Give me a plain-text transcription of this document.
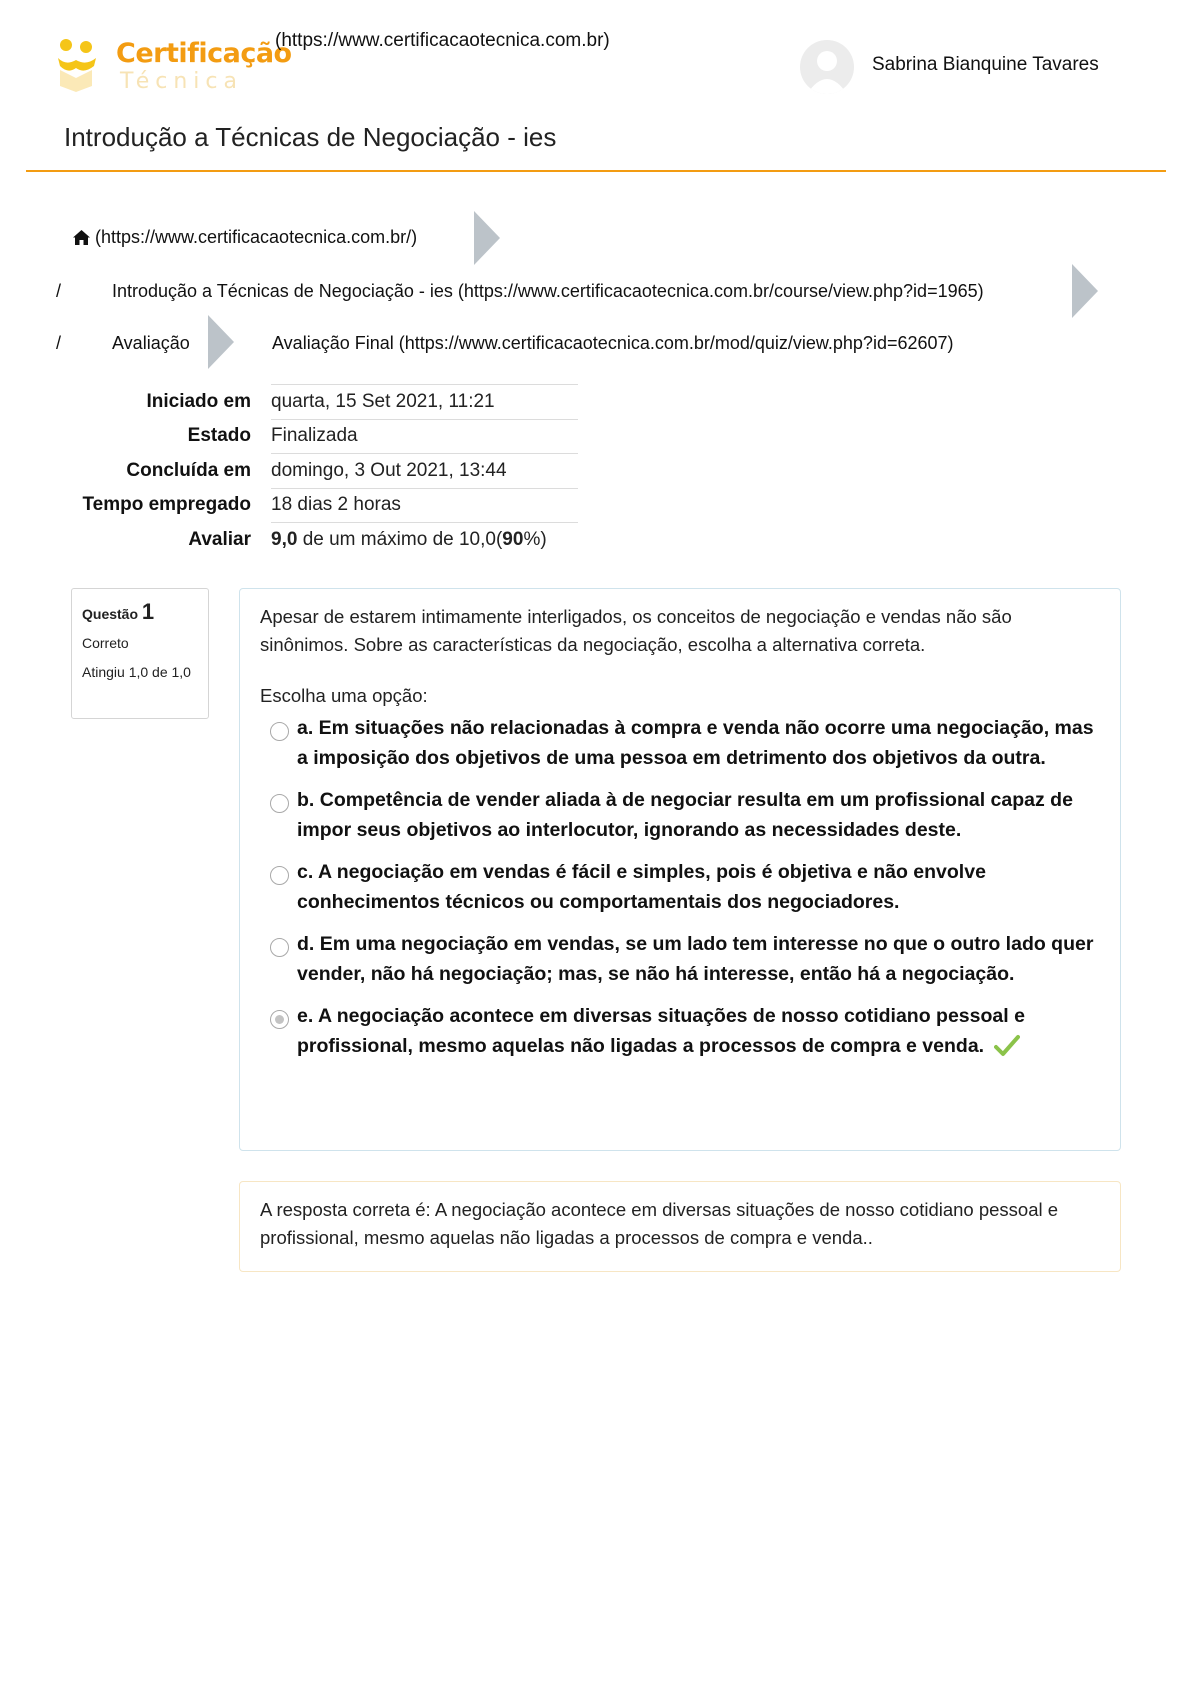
Certificação
Técnica
(https://www.certificacaotecnica.com.br)
Sabrina Bianquine Tavares
Introdução a Técnicas de Negociação - ies
(https://www.certificacaotecnica.com.br/)
/	Introdução a Técnicas de Negociação - ies (https://www.certificacaotecnica.com.br/course/view.php?id=1965)
/	Avaliação	Avaliação Final (https://www.certificacaotecnica.com.br/mod/quiz/view.php?id=62607)
Iniciado em	quarta, 15 Set 2021, 11:21
Estado	Finalizada
Concluída em	domingo, 3 Out 2021, 13:44
Tempo empregado	18 dias 2 horas
Avaliar	9,0 de um máximo de 10,0(90%)
Questão 1
Correto
Atingiu 1,0 de 1,0
Apesar de estarem intimamente interligados, os conceitos de negociação e vendas não são sinônimos. Sobre as características da negociação, escolha a alternativa correta.
Escolha uma opção:
a. Em situações não relacionadas à compra e venda não ocorre uma negociação, mas a imposição dos objetivos de uma pessoa em detrimento dos objetivos da outra.
b. Competência de vender aliada à de negociar resulta em um profissional capaz de impor seus objetivos ao interlocutor, ignorando as necessidades deste.
c. A negociação em vendas é fácil e simples, pois é objetiva e não envolve conhecimentos técnicos ou comportamentais dos negociadores.
d. Em uma negociação em vendas, se um lado tem interesse no que o outro lado quer vender, não há negociação; mas, se não há interesse, então há a negociação.
e. A negociação acontece em diversas situações de nosso cotidiano pessoal e profissional, mesmo aquelas não ligadas a processos de compra e venda.
A resposta correta é: A negociação acontece em diversas situações de nosso cotidiano pessoal e profissional, mesmo aquelas não ligadas a processos de compra e venda..
